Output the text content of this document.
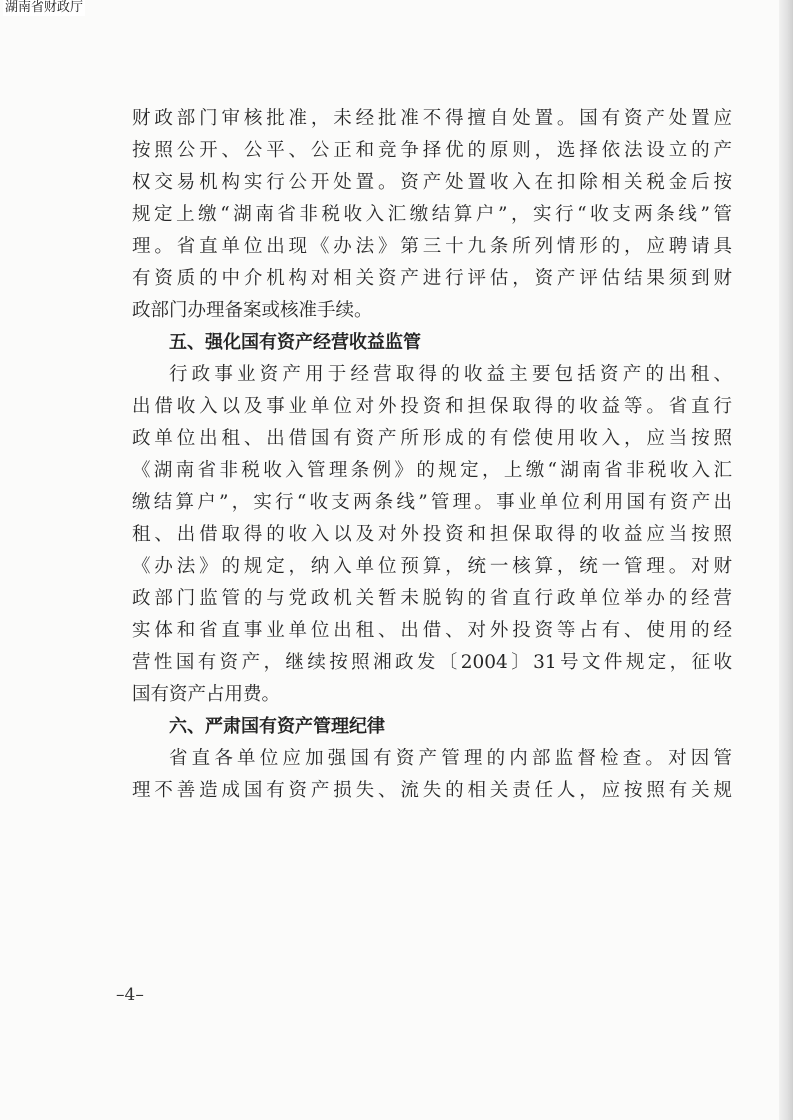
湖南省财政厅
财政部门审核批准，未经批准不得擅自处置。国有资产处置应
按照公开、公平、公正和竞争择优的原则，选择依法设立的产
权交易机构实行公开处置。资产处置收入在扣除相关税金后按
规定上缴“湖南省非税收入汇缴结算户”，实行“收支两条线”管
理。省直单位出现《办法》第三十九条所列情形的，应聘请具
有资质的中介机构对相关资产进行评估，资产评估结果须到财
政部门办理备案或核准手续。
五、强化国有资产经营收益监管
行政事业资产用于经营取得的收益主要包括资产的出租、
出借收入以及事业单位对外投资和担保取得的收益等。省直行
政单位出租、出借国有资产所形成的有偿使用收入，应当按照
《湖南省非税收入管理条例》的规定，上缴“湖南省非税收入汇
缴结算户”，实行“收支两条线”管理。事业单位利用国有资产出
租、出借取得的收入以及对外投资和担保取得的收益应当按照
《办法》的规定，纳入单位预算，统一核算，统一管理。对财
政部门监管的与党政机关暂未脱钩的省直行政单位举办的经营
实体和省直事业单位出租、出借、对外投资等占有、使用的经
营性国有资产，继续按照湘政发〔2004〕31号文件规定，征收
国有资产占用费。
六、严肃国有资产管理纪律
省直各单位应加强国有资产管理的内部监督检查。对因管
理不善造成国有资产损失、流失的相关责任人，应按照有关规
–4–
